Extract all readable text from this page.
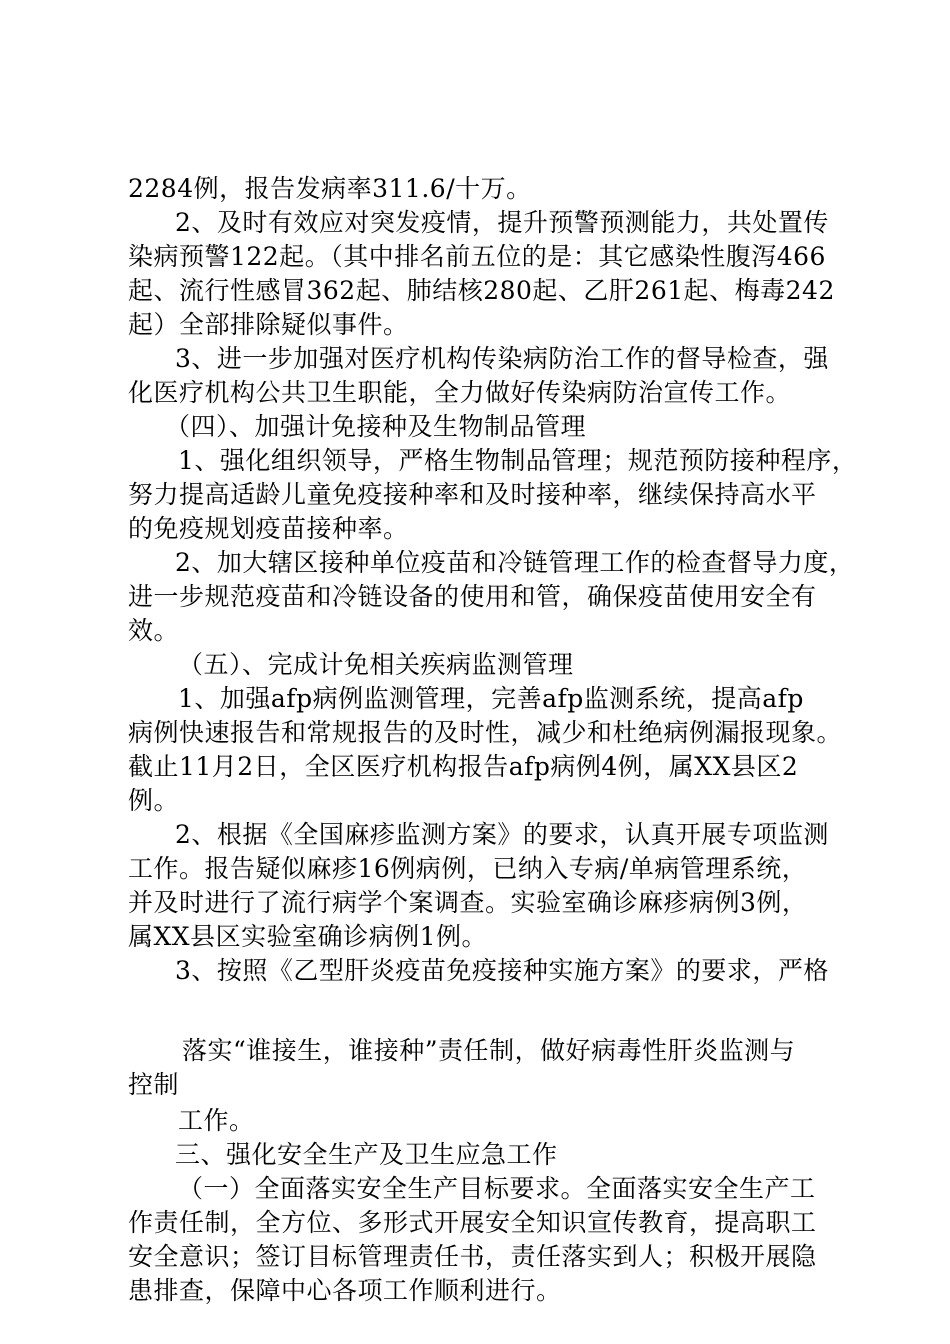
2284例，报告发病率311.6/十万。
2、及时有效应对突发疫情，提升预警预测能力，共处置传
染病预警122起。（其中排名前五位的是：其它感染性腹泻466
起、流行性感冒362起、肺结核280起、乙肝261起、梅毒242
起）全部排除疑似事件。
3、进一步加强对医疗机构传染病防治工作的督导检查，强
化医疗机构公共卫生职能，全力做好传染病防治宣传工作。
（四）、加强计免接种及生物制品管理
1、强化组织领导，严格生物制品管理；规范预防接种程序，
努力提高适龄儿童免疫接种率和及时接种率，继续保持高水平
的免疫规划疫苗接种率。
2、加大辖区接种单位疫苗和冷链管理工作的检查督导力度，
进一步规范疫苗和冷链设备的使用和管，确保疫苗使用安全有
效。
（五）、完成计免相关疾病监测管理
1、加强afp病例监测管理，完善afp监测系统，提高afp
病例快速报告和常规报告的及时性，减少和杜绝病例漏报现象。
截止11月2日，全区医疗机构报告afp病例4例，属XX县区2
例。
2、根据《全国麻疹监测方案》的要求，认真开展专项监测
工作。报告疑似麻疹16例病例，已纳入专病/单病管理系统，
并及时进行了流行病学个案调查。实验室确诊麻疹病例3例，
属XX县区实验室确诊病例1例。
3、按照《乙型肝炎疫苗免疫接种实施方案》的要求，严格
落实“谁接生，谁接种”责任制，做好病毒性肝炎监测与
控制
工作。
三、强化安全生产及卫生应急工作
（一）全面落实安全生产目标要求。全面落实安全生产工
作责任制，全方位、多形式开展安全知识宣传教育，提高职工
安全意识；签订目标管理责任书，责任落实到人；积极开展隐
患排查，保障中心各项工作顺利进行。
